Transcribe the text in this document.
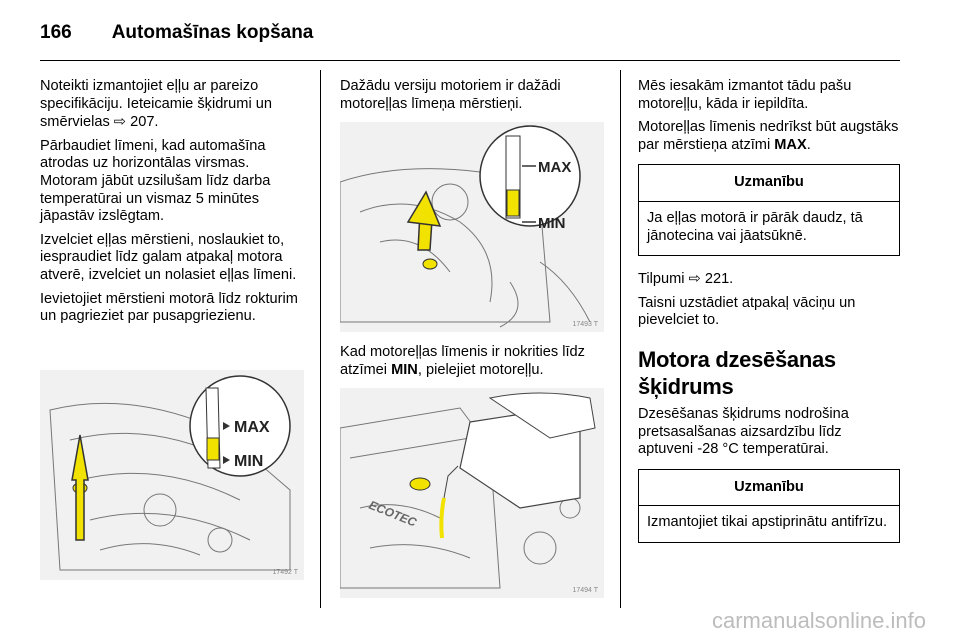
166 Automašīnas kopšana

Noteikti izmantojiet eļļu ar pareizo specifikāciju. Ieteicamie šķidrumi un smērvielas ⇨ 207.

Pārbaudiet līmeni, kad automašīna atrodas uz horizontālas virsmas. Motoram jābūt uzsilušam līdz darba temperatūrai un vismaz 5 minūtes jāpastāv izslēgtam.

Izvelciet eļļas mērstieni, noslaukiet to, iespraudiet līdz galam atpakaļ motora atverē, izvelciet un nolasiet eļļas līmeni.

Ievietojiet mērstieni motorā līdz rokturim un pagrieziet par pusapgriezienu.

MAX
MIN
17492 T

Dažādu versiju motoriem ir dažādi motoreļļas līmeņa mērstieņi.

MAX
MIN
17493 T

Kad motoreļļas līmenis ir nokrities līdz atzīmei MIN, pielejiet motoreļļu.

ECOTEC
17494 T

Mēs iesakām izmantot tādu pašu motoreļļu, kāda ir iepildīta.

Motoreļļas līmenis nedrīkst būt augstāks par mērstieņa atzīmi MAX.

Uzmanību
Ja eļļas motorā ir pārāk daudz, tā jānotecina vai jāatsūknē.

Tilpumi ⇨ 221.

Taisni uzstādiet atpakaļ vāciņu un pievelciet to.

Motora dzesēšanas šķidrums

Dzesēšanas šķidrums nodrošina pretsasalšanas aizsardzību līdz aptuveni -28 °C temperatūrai.

Uzmanību
Izmantojiet tikai apstiprinātu antifrīzu.
carmanualsonline.info
